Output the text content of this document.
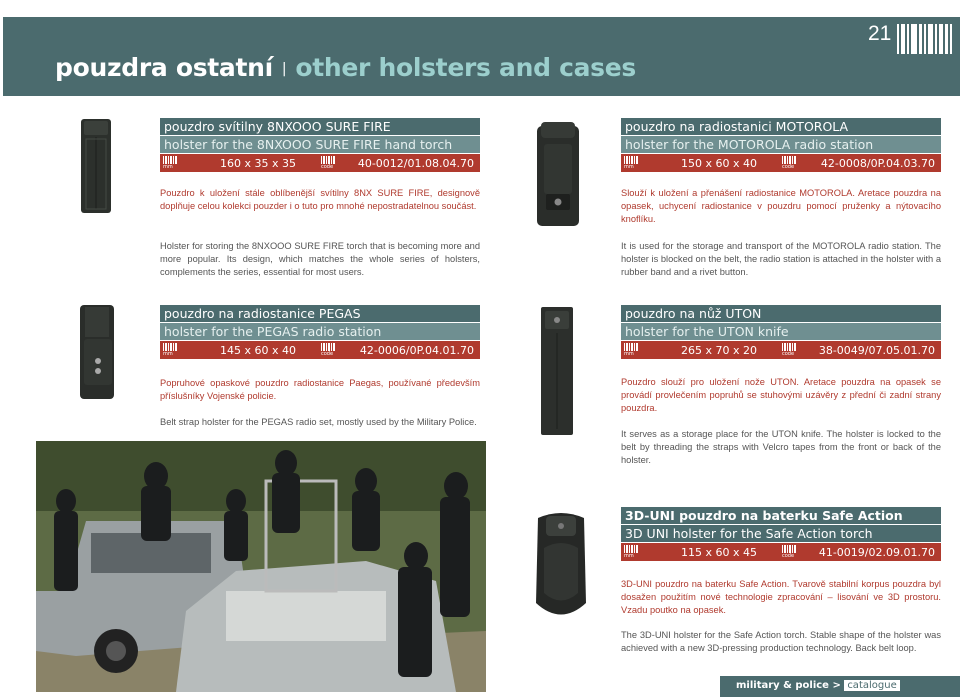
pouzdra ostatní | other holsters and cases
21
pouzdro svítilny 8NXOOO SURE FIRE
holster for the 8NXOOO SURE FIRE hand torch
mm	160 x 35 x 35	code	40-0012/01.08.04.70

Pouzdro k uložení stále oblíbenější svítilny 8NX SURE FIRE, designově doplňuje celou kolekci pouzder i o tuto pro mnohé nepostradatelnou součást.

Holster for storing the 8NXOOO SURE FIRE torch that is becoming more and more popular. Its design, which matches the whole series of holsters, complements the series, essential for most users.

pouzdro na radiostanici MOTOROLA
holster for the MOTOROLA radio station
mm	150 x 60 x 40	code	42-0008/0P.04.03.70

Slouží k uložení a přenášení radiostanice MOTOROLA. Aretace pouzdra na opasek, uchycení radiostanice v pouzdru pomocí pruženky a nýtovacího knoflíku.

It is used for the storage and transport of the MOTOROLA radio station. The holster is blocked on the belt, the radio station is attached in the holster with a rubber band and a rivet button.

pouzdro na radiostanice PEGAS
holster for the PEGAS radio station
mm	145 x 60 x 40	code	42-0006/0P.04.01.70

Popruhové opaskové pouzdro radiostanice Paegas, používané především příslušníky Vojenské policie.

Belt strap holster for the PEGAS radio set, mostly used by the Military Police.

pouzdro na nůž UTON
holster for the UTON knife
mm	265 x 70 x 20	code	38-0049/07.05.01.70

Pouzdro slouží pro uložení nože UTON. Aretace pouzdra na opasek se provádí provlečením popruhů se stuhovými uzávěry z přední či zadní strany pouzdra.

It serves as a storage place for the UTON knife. The holster is locked to the belt by threading the straps with Velcro tapes from the front or back of the holster.

3D-UNI pouzdro na baterku Safe Action
3D UNI holster for the Safe Action torch
mm	115 x 60 x 45	code	41-0019/02.09.01.70

3D-UNI pouzdro na baterku Safe Action. Tvarově stabilní korpus pouzdra byl dosažen použitím nové technologie zpracování – lisování ve 3D prostoru. Vzadu poutko na opasek.

The 3D-UNI holster for the Safe Action torch. Stable shape of the holster was achieved with a new 3D-pressing production technology. Back belt loop.

military & police > catalogue
